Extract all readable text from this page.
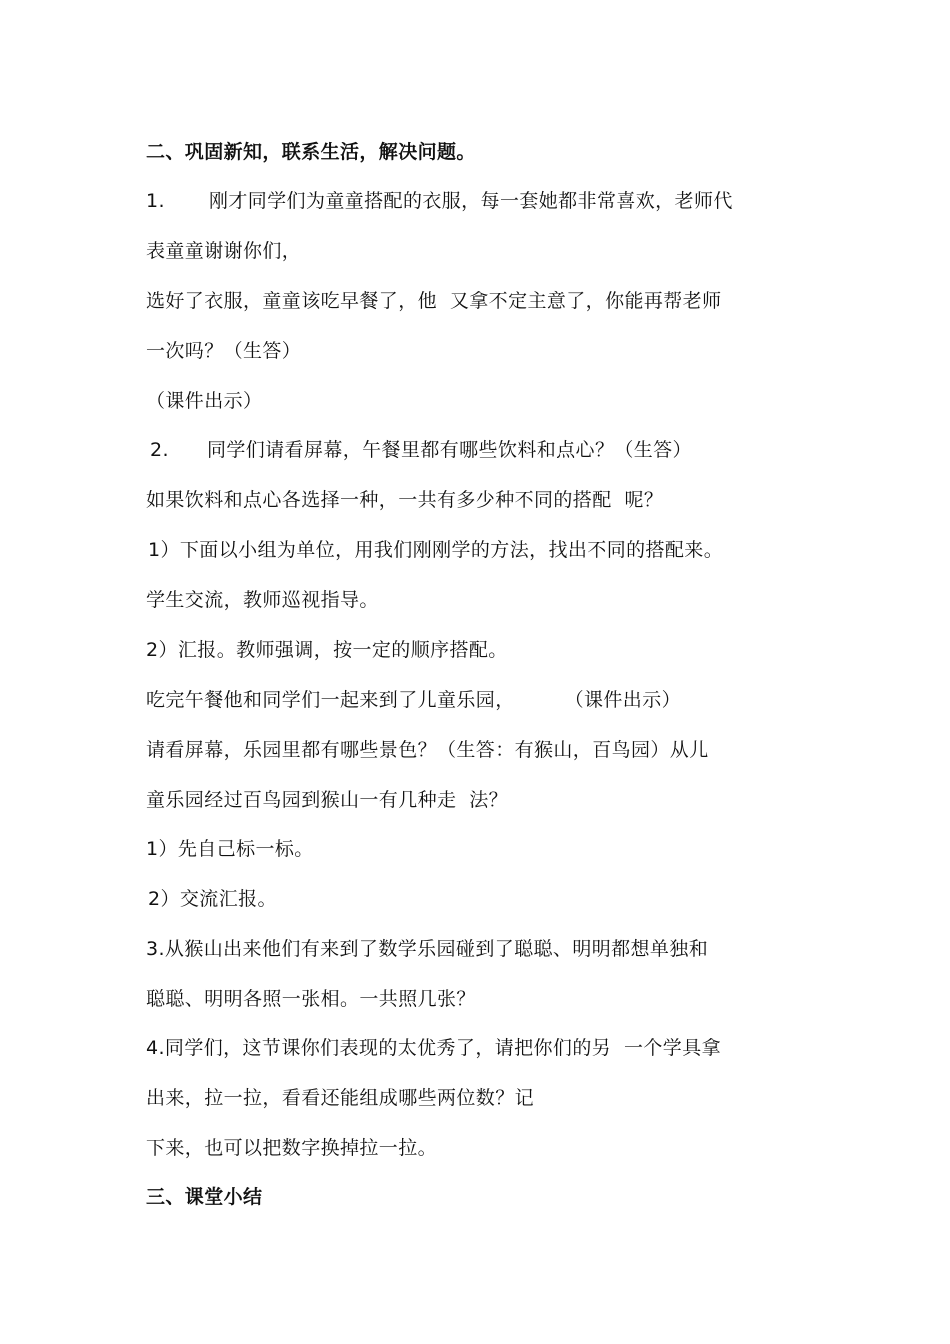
二、巩固新知，联系生活，解决问题。
1. 刚才同学们为童童搭配的衣服，每一套她都非常喜欢，老师代
表童童谢谢你们，
选好了衣服，童童该吃早餐了，他  又拿不定主意了，你能再帮老师
一次吗？（生答）
（课件出示）
2. 同学们请看屏幕，午餐里都有哪些饮料和点心？（生答）
如果饮料和点心各选择一种，一共有多少种不同的搭配  呢？
1）下面以小组为单位，用我们刚刚学的方法，找出不同的搭配来。
学生交流，教师巡视指导。
2）汇报。教师强调，按一定的顺序搭配。
吃完午餐他和同学们一起来到了儿童乐园，	（课件出示）
请看屏幕，乐园里都有哪些景色？（生答：有猴山，百鸟园）从儿
童乐园经过百鸟园到猴山一有几种走  法？
1）先自己标一标。
2）交流汇报。
3.从猴山出来他们有来到了数学乐园碰到了聪聪、明明都想单独和
聪聪、明明各照一张相。一共照几张？
4.同学们，这节课你们表现的太优秀了，请把你们的另  一个学具拿
出来，拉一拉，看看还能组成哪些两位数？记
下来，也可以把数字换掉拉一拉。
三、课堂小结
